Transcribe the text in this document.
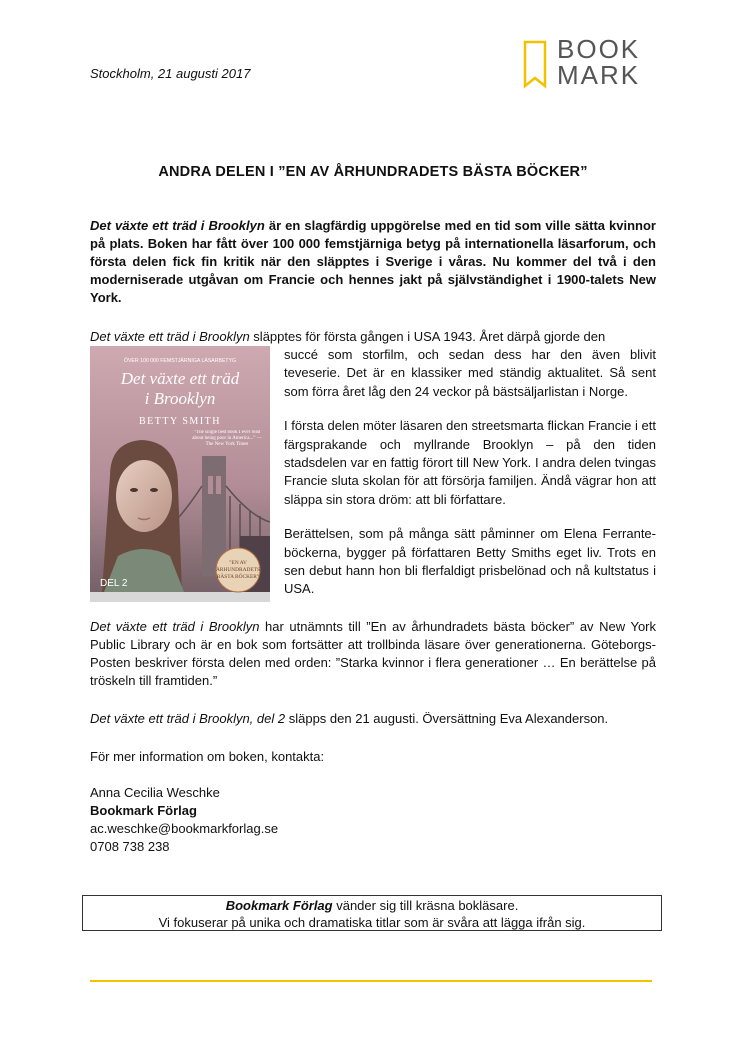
Stockholm, 21 augusti 2017
BOOK
MARK
ANDRA DELEN I ”EN AV ÅRHUNDRADETS BÄSTA BÖCKER”
Det växte ett träd i Brooklyn är en slagfärdig uppgörelse med en tid som ville sätta kvinnor på plats. Boken har fått över 100 000 femstjärniga betyg på internationella läsarforum, och första delen fick fin kritik när den släpptes i Sverige i våras. Nu kommer del två i den moderniserade utgåvan om Francie och hennes jakt på självständighet i 1900-talets New York.

Det växte ett träd i Brooklyn släpptes för första gången i USA 1943. Året därpå gjorde den

”EN AV
ÅRHUNDRADETS
BÄSTA BÖCKER”
ÖVER 100 000 FEMSTJÄRNIGA LÄSARBETYG
Det växte ett träd
i Brooklyn
BETTY SMITH
”The single best book I ever read about being poor in America...” — The New York Times
DEL 2

succé som storfilm, och sedan dess har den även blivit teveserie. Det är en klassiker med ständig aktualitet. Så sent som förra året låg den 24 veckor på bästsäljarlistan i Norge.

I första delen möter läsaren den streetsmarta flickan Francie i ett färgsprakande och myllrande Brooklyn – på den tiden stadsdelen var en fattig förort till New York. I andra delen tvingas Francie sluta skolan för att försörja familjen. Ändå vägrar hon att släppa sin stora dröm: att bli författare.

Berättelsen, som på många sätt påminner om Elena Ferrante-böckerna, bygger på författaren Betty Smiths eget liv. Trots en sen debut hann hon bli flerfaldigt prisbelönad och nå kultstatus i USA.

Det växte ett träd i Brooklyn har utnämnts till ”En av århundradets bästa böcker” av New York Public Library och är en bok som fortsätter att trollbinda läsare över generationerna. Göteborgs-Posten beskriver första delen med orden: ”Starka kvinnor i flera generationer … En berättelse på tröskeln till framtiden.”
Det växte ett träd i Brooklyn, del 2 släpps den 21 augusti. Översättning Eva Alexanderson.
För mer information om boken, kontakta:
Anna Cecilia Weschke
Bookmark Förlag
ac.weschke@bookmarkforlag.se
0708 738 238
Bookmark Förlag vänder sig till kräsna bokläsare.
Vi fokuserar på unika och dramatiska titlar som är svåra att lägga ifrån sig.
